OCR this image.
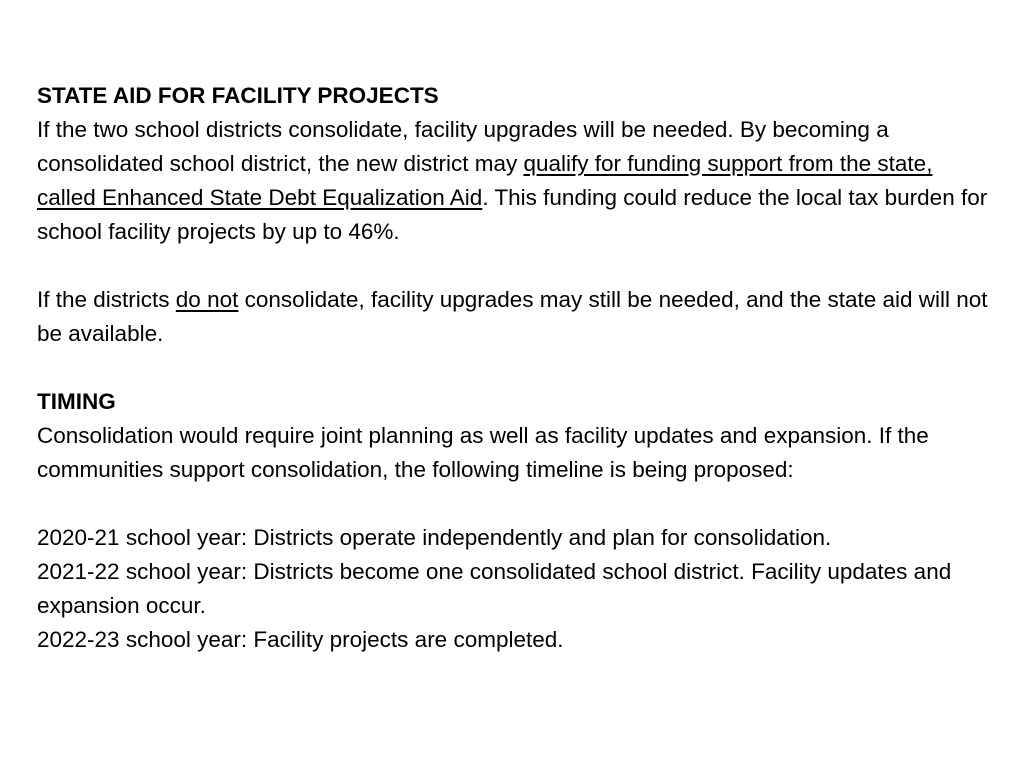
STATE AID FOR FACILITY PROJECTS

If the two school districts consolidate, facility upgrades will be needed. By becoming a consolidated school district, the new district may qualify for funding support from the state, called Enhanced State Debt Equalization Aid. This funding could reduce the local tax burden for school facility projects by up to 46%.

If the districts do not consolidate, facility upgrades may still be needed, and the state aid will not be available.

TIMING

Consolidation would require joint planning as well as facility updates and expansion. If the communities support consolidation, the following timeline is being proposed:

2020-21 school year: Districts operate independently and plan for consolidation.

2021-22 school year: Districts become one consolidated school district. Facility updates and expansion occur.

2022-23 school year: Facility projects are completed.
